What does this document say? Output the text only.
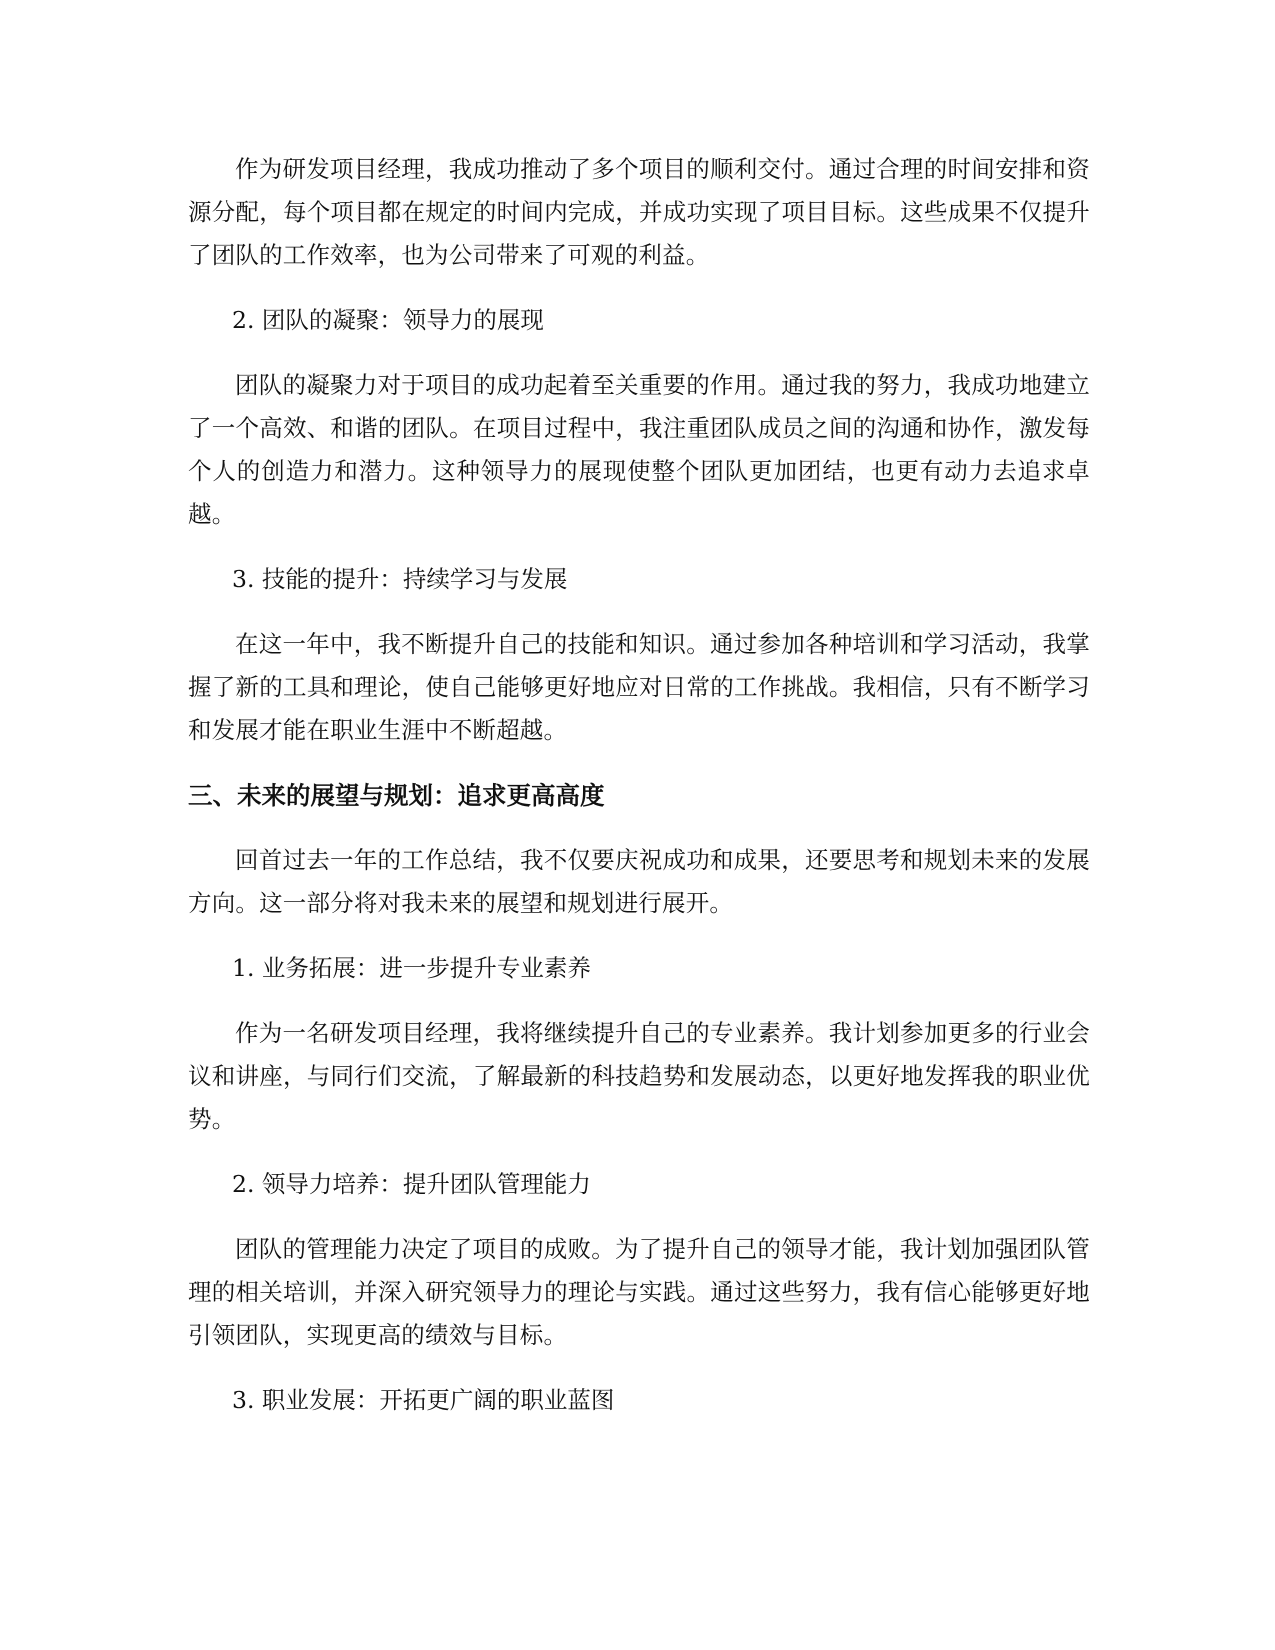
作为研发项目经理，我成功推动了多个项目的顺利交付。通过合理的时间安排和资源分配，每个项目都在规定的时间内完成，并成功实现了项目目标。这些成果不仅提升了团队的工作效率，也为公司带来了可观的利益。

2. 团队的凝聚：领导力的展现

团队的凝聚力对于项目的成功起着至关重要的作用。通过我的努力，我成功地建立了一个高效、和谐的团队。在项目过程中，我注重团队成员之间的沟通和协作，激发每个人的创造力和潜力。这种领导力的展现使整个团队更加团结，也更有动力去追求卓越。

3. 技能的提升：持续学习与发展

在这一年中，我不断提升自己的技能和知识。通过参加各种培训和学习活动，我掌握了新的工具和理论，使自己能够更好地应对日常的工作挑战。我相信，只有不断学习和发展才能在职业生涯中不断超越。

三、未来的展望与规划：追求更高高度

回首过去一年的工作总结，我不仅要庆祝成功和成果，还要思考和规划未来的发展方向。这一部分将对我未来的展望和规划进行展开。

1. 业务拓展：进一步提升专业素养

作为一名研发项目经理，我将继续提升自己的专业素养。我计划参加更多的行业会议和讲座，与同行们交流，了解最新的科技趋势和发展动态，以更好地发挥我的职业优势。

2. 领导力培养：提升团队管理能力

团队的管理能力决定了项目的成败。为了提升自己的领导才能，我计划加强团队管理的相关培训，并深入研究领导力的理论与实践。通过这些努力，我有信心能够更好地引领团队，实现更高的绩效与目标。

3. 职业发展：开拓更广阔的职业蓝图
